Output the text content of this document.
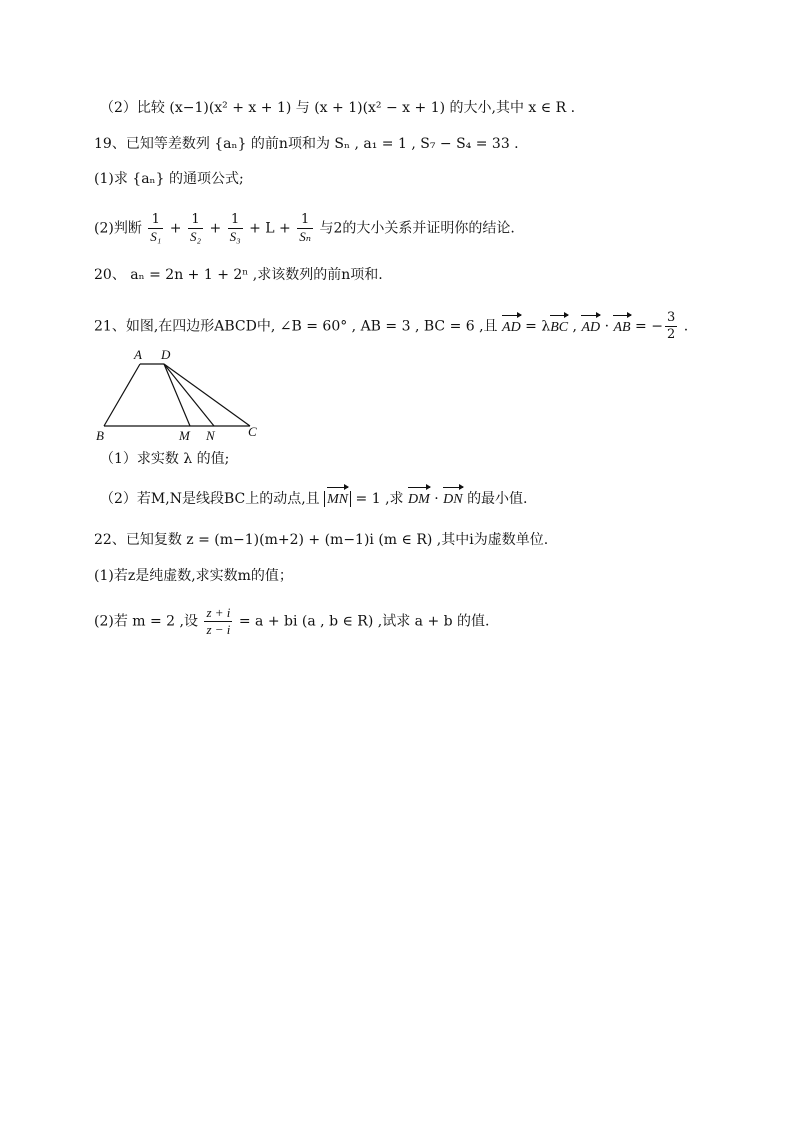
（2）比较 (x−1)(x² + x + 1) 与 (x + 1)(x² − x + 1) 的大小,其中 x ∈ R .
19、已知等差数列 {aₙ} 的前n项和为 Sₙ , a₁ = 1 , S₇ − S₄ = 33 .
(1)求 {aₙ} 的通项公式;
(2)判断 $\frac{1}{\text{S₁}} + \frac{1}{\text{S₂}} + \frac{1}{\text{S₃}} + L + \frac{1}{\text{Sₙ}}$ 与2的大小关系并证明你的结论.
20、 aₙ = 2n + 1 + 2ⁿ ,求该数列的前n项和.
21、如图,在四边形ABCD中, ∠B = 60° , AB = 3 , BC = 6 ,且 AD = λBC , AD · AB = − $\frac{3}{2}$ .
A D
B	M N	C
（1）求实数 λ 的值;
（2）若M,N是线段BC上的动点,且 MN = 1 ,求 DM · DN 的最小值.
22、已知复数 z = (m−1)(m+2) + (m−1)i (m ∈ R) ,其中i为虚数单位.
(1)若z是纯虚数,求实数m的值；
(2)若 m = 2 ,设 $\frac{z + i}{z - i} = a$ + bi (a , b ∈ R) ,试求 a + b 的值.
